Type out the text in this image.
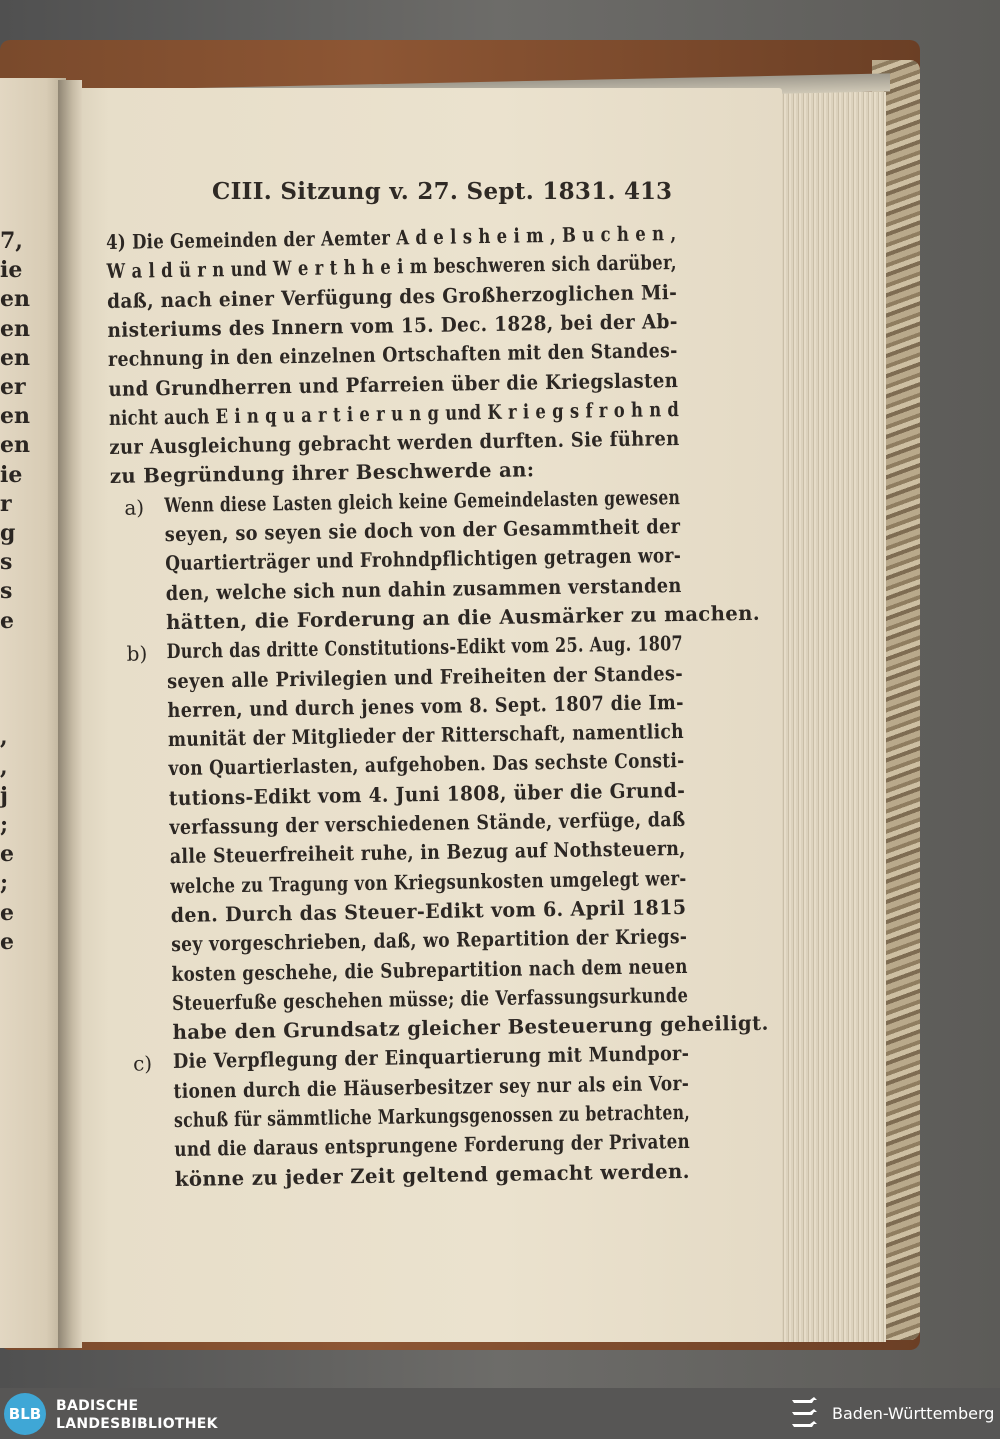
7,
ie
en
en
en
er
en
en
ie
r
g
s
s
e
,
,
j
;
e
;
e
e
CIII. Sitzung v. 27. Sept. 1831. 413
4) Die Gemeinden der Aemter A d e l s h e i m , B u c h e n ,
W a l d ü r n und W e r t h h e i m beschweren sich darüber,
daß, nach einer Verfügung des Großherzoglichen Mi-
nisteriums des Innern vom 15. Dec. 1828, bei der Ab-
rechnung in den einzelnen Ortschaften mit den Standes-
und Grundherren und Pfarreien über die Kriegslasten
nicht auch E i n q u a r t i e r u n g und K r i e g s f r o h n d
zur Ausgleichung gebracht werden durften. Sie führen
zu Begründung ihrer Beschwerde an:
a) Wenn diese Lasten gleich keine Gemeindelasten gewesen
seyen, so seyen sie doch von der Gesammtheit der
Quartierträger und Frohndpflichtigen getragen wor-
den, welche sich nun dahin zusammen verstanden
hätten, die Forderung an die Ausmärker zu machen.
b) Durch das dritte Constitutions-Edikt vom 25. Aug. 1807
seyen alle Privilegien und Freiheiten der Standes-
herren, und durch jenes vom 8. Sept. 1807 die Im-
munität der Mitglieder der Ritterschaft, namentlich
von Quartierlasten, aufgehoben. Das sechste Consti-
tutions-Edikt vom 4. Juni 1808, über die Grund-
verfassung der verschiedenen Stände, verfüge, daß
alle Steuerfreiheit ruhe, in Bezug auf Nothsteuern,
welche zu Tragung von Kriegsunkosten umgelegt wer-
den. Durch das Steuer-Edikt vom 6. April 1815
sey vorgeschrieben, daß, wo Repartition der Kriegs-
kosten geschehe, die Subrepartition nach dem neuen
Steuerfuße geschehen müsse; die Verfassungsurkunde
habe den Grundsatz gleicher Besteuerung geheiligt.
c) Die Verpflegung der Einquartierung mit Mundpor-
tionen durch die Häuserbesitzer sey nur als ein Vor-
schuß für sämmtliche Markungsgenossen zu betrachten,
und die daraus entsprungene Forderung der Privaten
könne zu jeder Zeit geltend gemacht werden.
BLB	BADISCHE
LANDESBIBLIOTHEK
Baden-Württemberg
